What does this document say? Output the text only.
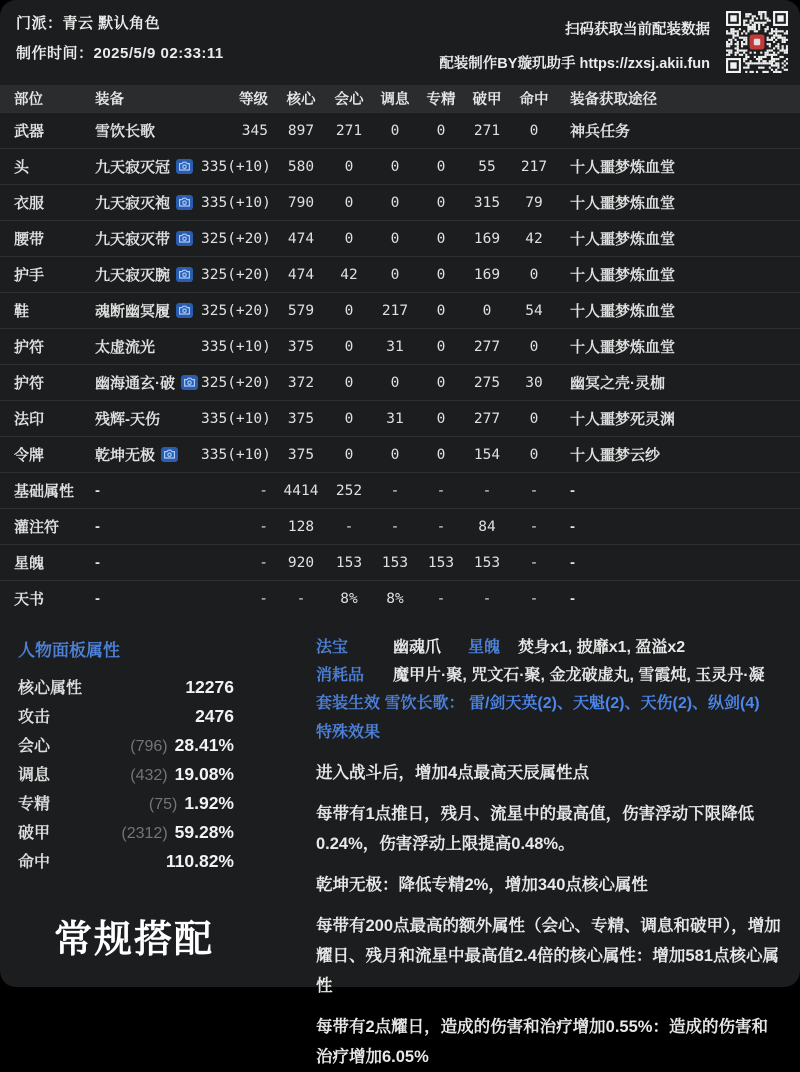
门派：青云 默认角色
制作时间：2025/5/9 02:33:11
扫码获取当前配装数据
配装制作BY璇玑助手 https://zxsj.akii.fun
部位	装备	等级	核心	会心	调息	专精	破甲	命中	装备获取途径
武器	雪饮长歌	345	897	271	0	0	271	0	神兵任务
头	九天寂灭冠	335(+10)	580	0	0	0	55	217	十人噩梦炼血堂
衣服	九天寂灭袍	335(+10)	790	0	0	0	315	79	十人噩梦炼血堂
腰带	九天寂灭带	325(+20)	474	0	0	0	169	42	十人噩梦炼血堂
护手	九天寂灭腕	325(+20)	474	42	0	0	169	0	十人噩梦炼血堂
鞋	魂断幽冥履	325(+20)	579	0	217	0	0	54	十人噩梦炼血堂
护符	太虚流光	335(+10)	375	0	31	0	277	0	十人噩梦炼血堂
护符	幽海通玄·破	325(+20)	372	0	0	0	275	30	幽冥之壳·灵枷
法印	残辉-天伤	335(+10)	375	0	31	0	277	0	十人噩梦死灵渊
令牌	乾坤无极	335(+10)	375	0	0	0	154	0	十人噩梦云纱
基础属性	-	-	4414	252	-	-	-	-	-
灌注符	-	-	128	-	-	-	84	-	-
星魄	-	-	920	153	153	153	153	-	-
天书	-	-	-	8%	8%	-	-	-	-
人物面板属性
核心属性	12276
攻击	2476
会心	(796) 28.41%
调息	(432) 19.08%
专精	(75) 1.92%
破甲	(2312) 59.28%
命中	110.82%
常规搭配
法宝	幽魂爪	星魄	焚身x1, 披靡x1, 盈溢x2
消耗品	魔甲片·聚, 咒文石·聚, 金龙破虚丸, 雪霞炖, 玉灵丹·凝
套装生效 雪饮长歌： 雷/剑天英(2)、天魁(2)、天伤(2)、纵剑(4)
特殊效果

进入战斗后，增加4点最高天辰属性点

每带有1点推日，残月、流星中的最高值，伤害浮动下限降低0.24%，伤害浮动上限提高0.48%。

乾坤无极：降低专精2%，增加340点核心属性

每带有200点最高的额外属性（会心、专精、调息和破甲），增加耀日、残月和流星中最高值2.4倍的核心属性：增加581点核心属性

每带有2点耀日，造成的伤害和治疗增加0.55%：造成的伤害和治疗增加6.05%
